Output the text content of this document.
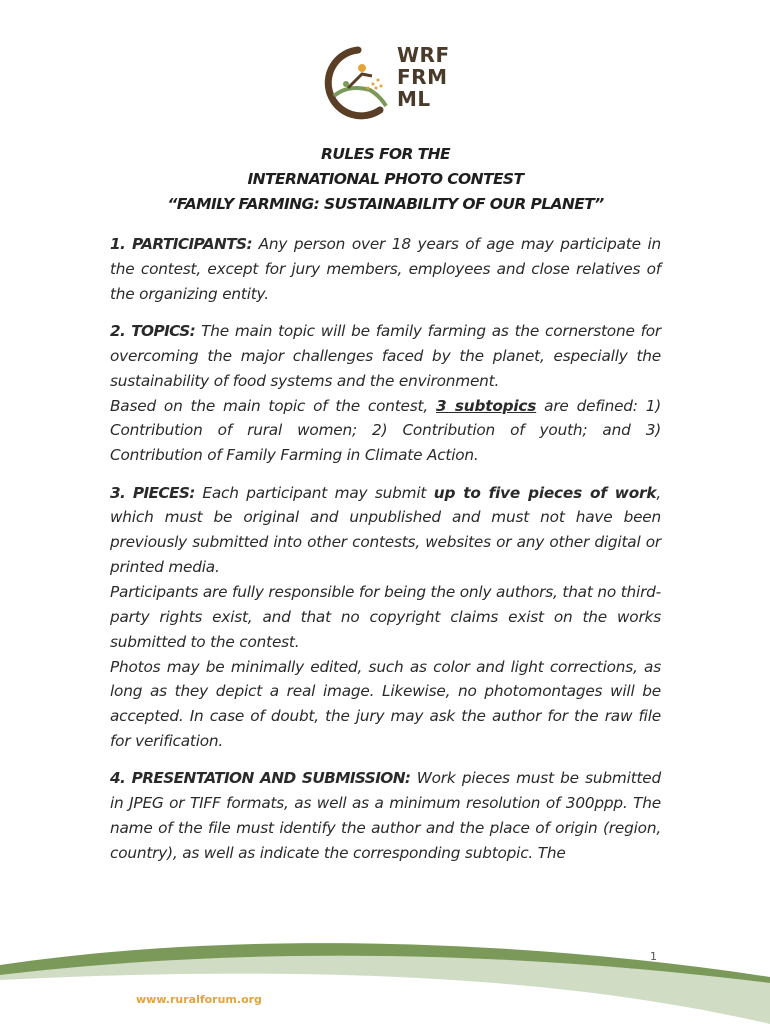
WRF
FRM
ML
RULES FOR THE
INTERNATIONAL PHOTO CONTEST
“FAMILY FARMING: SUSTAINABILITY OF OUR PLANET”

1. PARTICIPANTS: Any person over 18 years of age may participate in the contest, except for jury members, employees and close relatives of the organizing entity.

2. TOPICS: The main topic will be family farming as the cornerstone for overcoming the major challenges faced by the planet, especially the sustainability of food systems and the environment.

Based on the main topic of the contest, 3 subtopics are defined: 1) Contribution of rural women; 2) Contribution of youth; and 3) Contribution of Family Farming in Climate Action.

3. PIECES: Each participant may submit up to five pieces of work, which must be original and unpublished and must not have been previously submitted into other contests, websites or any other digital or printed media.

Participants are fully responsible for being the only authors, that no third-party rights exist, and that no copyright claims exist on the works submitted to the contest.

Photos may be minimally edited, such as color and light corrections, as long as they depict a real image. Likewise, no photomontages will be accepted. In case of doubt, the jury may ask the author for the raw file for verification.

4. PRESENTATION AND SUBMISSION: Work pieces must be submitted in JPEG or TIFF formats, as well as a minimum resolution of 300ppp. The name of the file must identify the author and the place of origin (region, country), as well as indicate the corresponding subtopic. The

1
www.ruralforum.org
